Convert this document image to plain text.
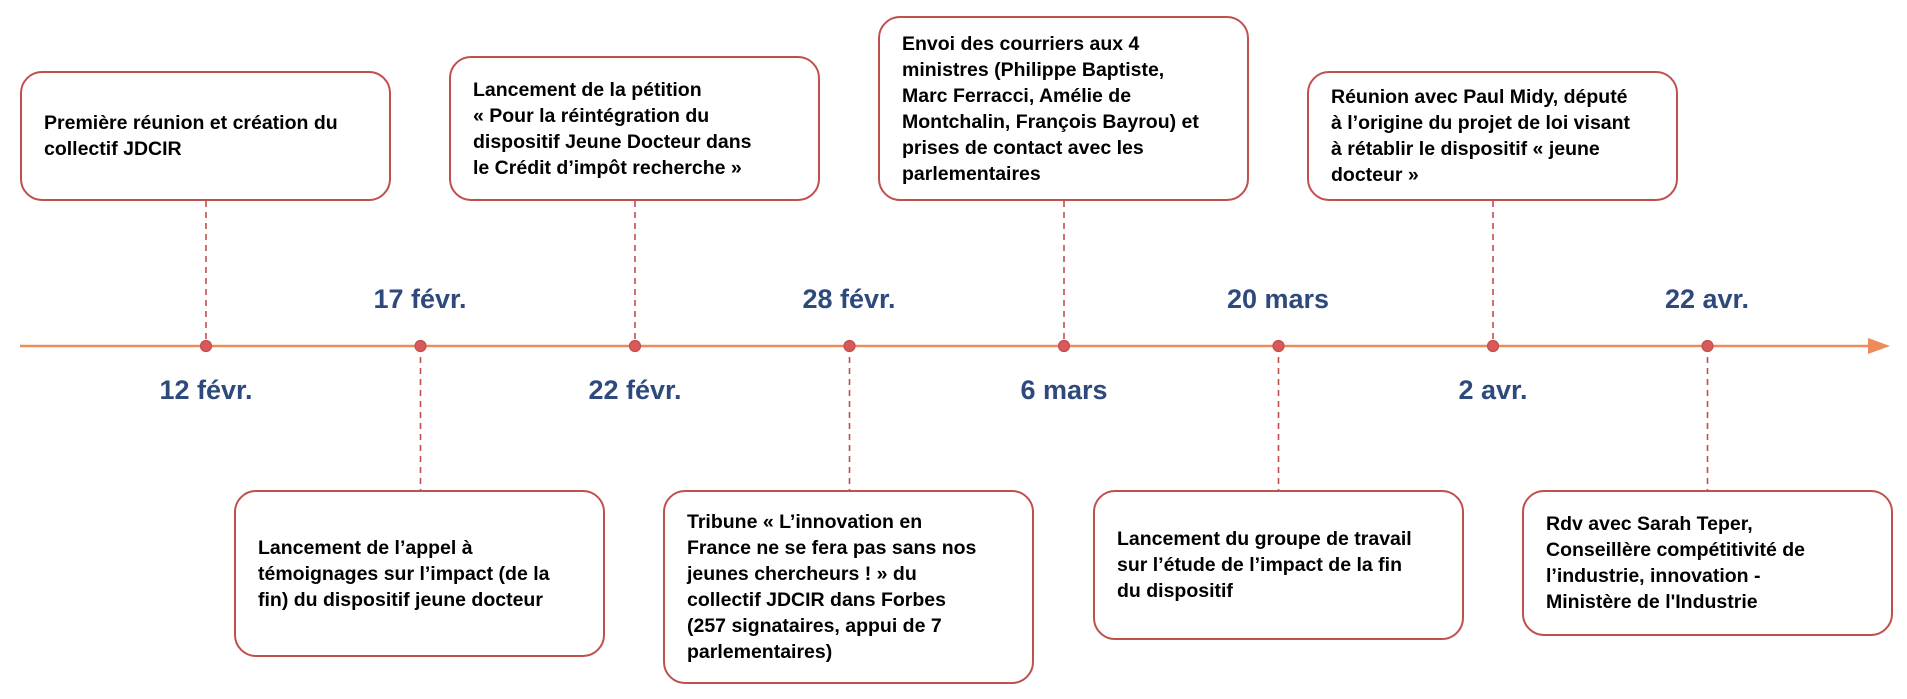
Première réunion et création du
collectif JDCIR
Lancement de la pétition
« Pour la réintégration du
dispositif Jeune Docteur dans
le Crédit d’impôt recherche »
Envoi des courriers aux 4
ministres (Philippe Baptiste,
Marc Ferracci, Amélie de
Montchalin, François Bayrou) et
prises de contact avec les
parlementaires
Réunion avec Paul Midy, député
à l’origine du projet de loi visant
à rétablir le dispositif « jeune
docteur »
Lancement de l’appel à
témoignages sur l’impact (de la
fin) du dispositif jeune docteur
Tribune « L’innovation en
France ne se fera pas sans nos
jeunes chercheurs ! » du
collectif JDCIR dans Forbes
(257 signataires, appui de 7
parlementaires)
Lancement du groupe de travail
sur l’étude de l’impact de la fin
du dispositif
Rdv avec Sarah Teper,
Conseillère compétitivité de
l’industrie, innovation -
Ministère de l'Industrie
12 févr.
17 févr.
22 févr.
28 févr.
6 mars
20 mars
2 avr.
22 avr.
